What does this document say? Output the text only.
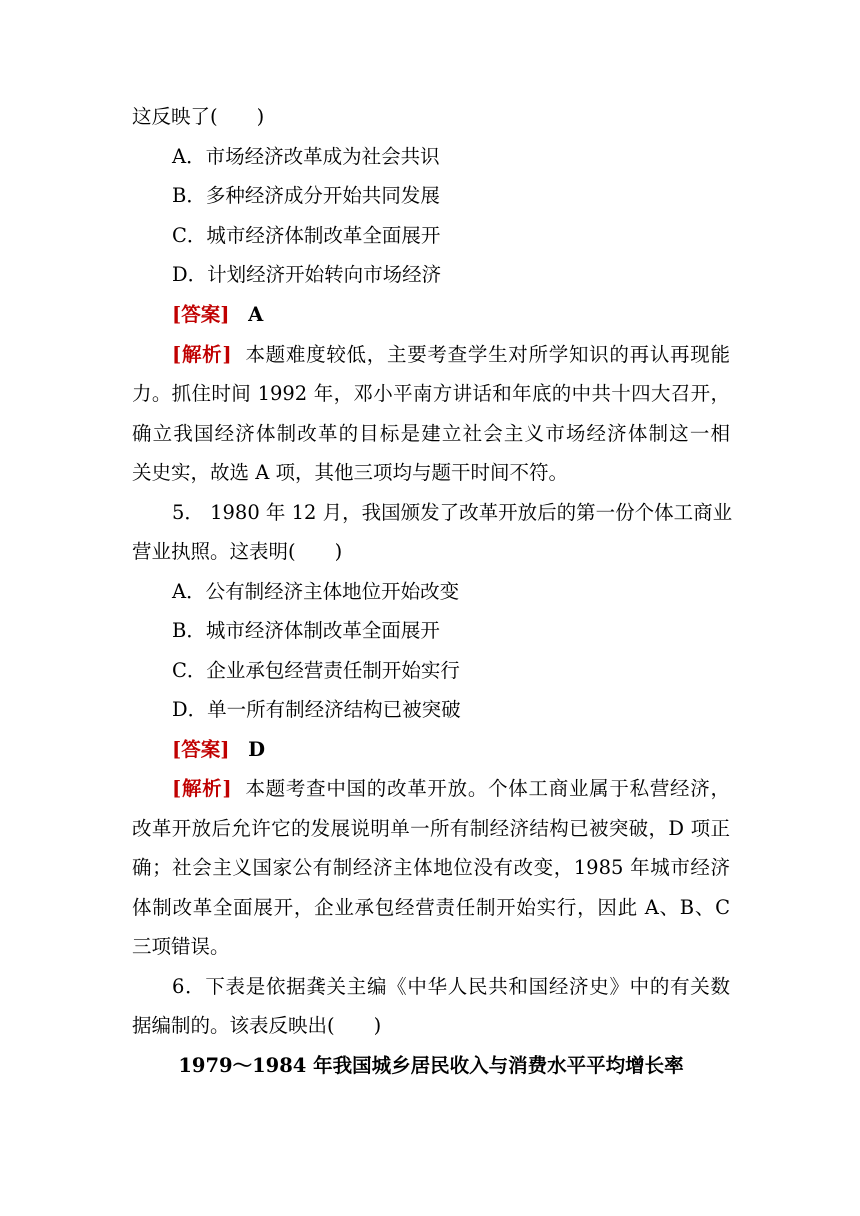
这反映了(　　)
A．市场经济改革成为社会共识
B．多种经济成分开始共同发展
C．城市经济体制改革全面展开
D．计划经济开始转向市场经济
[答案] A
[解析] 本题难度较低，主要考查学生对所学知识的再认再现能
力。抓住时间 1992 年，邓小平南方讲话和年底的中共十四大召开，
确立我国经济体制改革的目标是建立社会主义市场经济体制这一相
关史实，故选 A 项，其他三项均与题干时间不符。
5． 1980 年 12 月，我国颁发了改革开放后的第一份个体工商业
营业执照。这表明(　　)
A．公有制经济主体地位开始改变
B．城市经济体制改革全面展开
C．企业承包经营责任制开始实行
D．单一所有制经济结构已被突破
[答案] D
[解析] 本题考查中国的改革开放。个体工商业属于私营经济，
改革开放后允许它的发展说明单一所有制经济结构已被突破，D 项正
确；社会主义国家公有制经济主体地位没有改变，1985 年城市经济
体制改革全面展开，企业承包经营责任制开始实行，因此 A、B、C
三项错误。
6．下表是依据龚关主编《中华人民共和国经济史》中的有关数
据编制的。该表反映出(　　)
1979～1984 年我国城乡居民收入与消费水平平均增长率
